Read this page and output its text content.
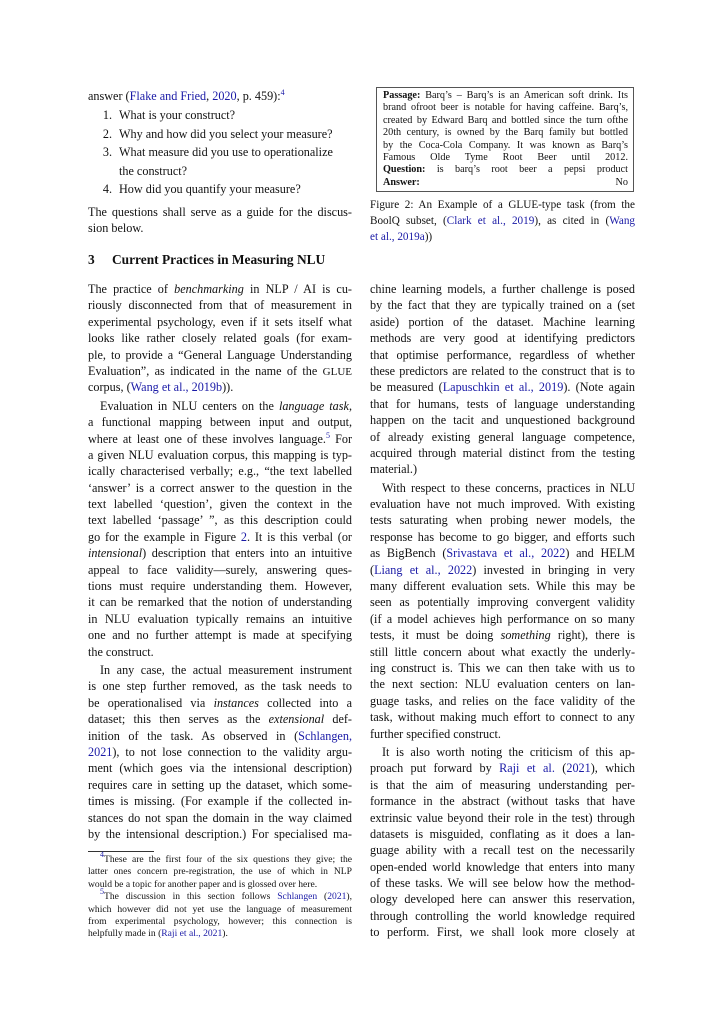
answer (Flake and Fried, 2020, p. 459):$^4$
1. What is your construct?
2. Why and how did you select your measure?
3. What measure did you use to operationalize the construct?
4. How did you quantify your measure?
The questions shall serve as a guide for the discus-
sion below.
3 Current Practices in Measuring NLU
Passage: Barq’s – Barq’s is an American soft drink. Its
brand ofroot beer is notable for having caffeine. Barq’s,
created by Edward Barq and bottled since the turn ofthe
20th century, is owned by the Barq family but bottled
by the Coca-Cola Company. It was known as Barq’s
Famous Olde Tyme Root Beer until 2012.
Question: is barq’s root beer a pepsi product
Answer: No
Figure 2: An Example of a GLUE-type task (from the
BoolQ subset, (Clark et al., 2019), as cited in (Wang
et al., 2019a))
The practice of benchmarking in NLP / AI is cu-
riously disconnected from that of measurement in
experimental psychology, even if it sets itself what
looks like rather closely related goals (for exam-
ple, to provide a “General Language Understanding
Evaluation”, as indicated in the name of the GLUE
corpus, (Wang et al., 2019b)).
Evaluation in NLU centers on the language task,
a functional mapping between input and output,
where at least one of these involves language.$^5$ For
a given NLU evaluation corpus, this mapping is typ-
ically characterised verbally; e.g., “the text labelled
‘answer’ is a correct answer to the question in the
text labelled ‘question’, given the context in the
text labelled ‘passage’ ”, as this description could
go for the example in Figure 2. It is this verbal (or
intensional) description that enters into an intuitive
appeal to face validity—surely, answering ques-
tions must require understanding them. However,
it can be remarked that the notion of understanding
in NLU evaluation typically remains an intuitive
one and no further attempt is made at specifying
the construct.
In any case, the actual measurement instrument
is one step further removed, as the task needs to
be operationalised via instances collected into a
dataset; this then serves as the extensional def-
inition of the task. As observed in (Schlangen,
2021), to not lose connection to the validity argu-
ment (which goes via the intensional description)
requires care in setting up the dataset, which some-
times is missing. (For example if the collected in-
stances do not span the domain in the way claimed
by the intensional description.) For specialised ma-
$^4$These are the first four of the six questions they give; the
latter ones concern pre-registration, the use of which in NLP
would be a topic for another paper and is glossed over here.
$^5$The discussion in this section follows Schlangen (2021),
which however did not yet use the language of measurement
from experimental psychology, however; this connection is
helpfully made in (Raji et al., 2021).
chine learning models, a further challenge is posed
by the fact that they are typically trained on a (set
aside) portion of the dataset. Machine learning
methods are very good at identifying predictors
that optimise performance, regardless of whether
these predictors are related to the construct that is to
be measured (Lapuschkin et al., 2019). (Note again
that for humans, tests of language understanding
happen on the tacit and unquestioned background
of already existing general language competence,
acquired through material distinct from the testing
material.)
With respect to these concerns, practices in NLU
evaluation have not much improved. With existing
tests saturating when probing newer models, the
response has become to go bigger, and efforts such
as BigBench (Srivastava et al., 2022) and HELM
(Liang et al., 2022) invested in bringing in very
many different evaluation sets. While this may be
seen as potentially improving convergent validity
(if a model achieves high performance on so many
tests, it must be doing something right), there is
still little concern about what exactly the underly-
ing construct is. This we can then take with us to
the next section: NLU evaluation centers on lan-
guage tasks, and relies on the face validity of the
task, without making much effort to connect to any
further specified construct.
It is also worth noting the criticism of this ap-
proach put forward by Raji et al. (2021), which
is that the aim of measuring understanding per-
formance in the abstract (without tasks that have
extrinsic value beyond their role in the test) through
datasets is misguided, conflating as it does a lan-
guage ability with a recall test on the necessarily
open-ended world knowledge that enters into many
of these tasks. We will see below how the method-
ology developed here can answer this reservation,
through controlling the world knowledge required
to perform. First, we shall look more closely at
